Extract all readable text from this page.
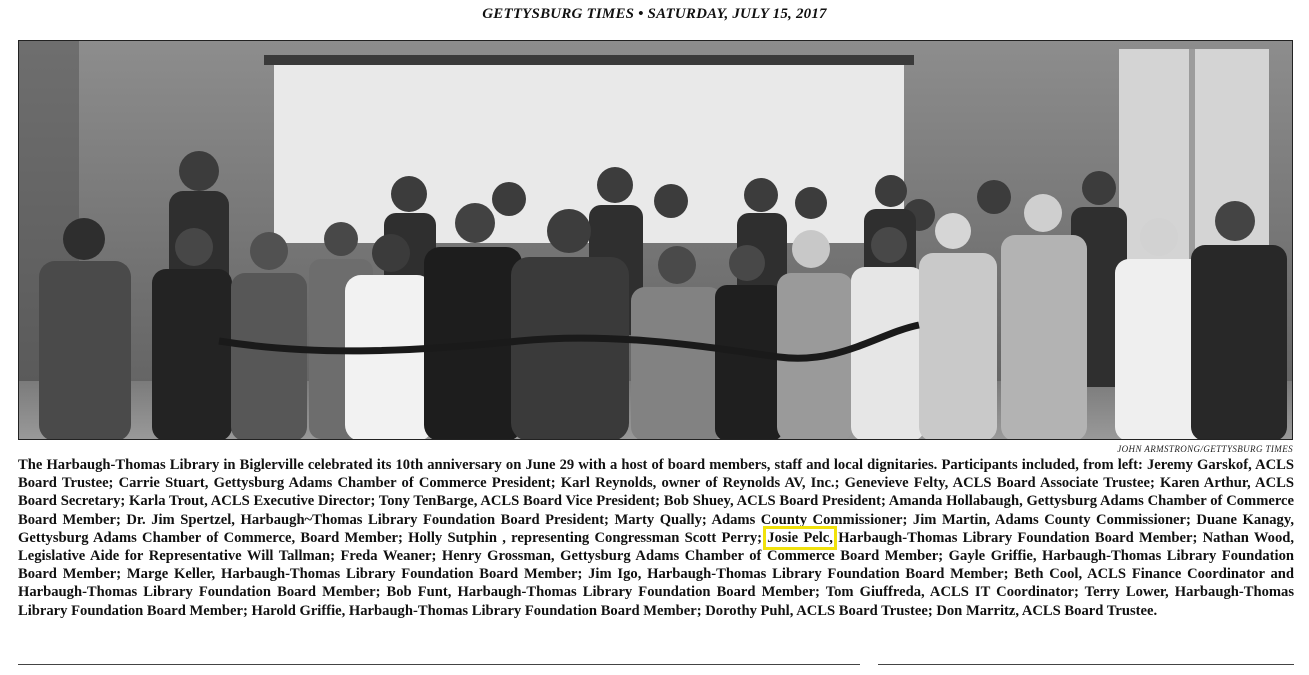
GETTYSBURG TIMES • SATURDAY, JULY 15, 2017
JOHN ARMSTRONG/GETTYSBURG TIMES
The Harbaugh-Thomas Library in Biglerville celebrated its 10th anniversary on June 29 with a host of board members, staff and local dignitaries. Participants included, from left: Jeremy Garskof, ACLS Board Trustee; Carrie Stuart, Gettysburg Adams Chamber of Commerce President; Karl Reynolds, owner of Reynolds AV, Inc.; Genevieve Felty, ACLS Board Associate Trustee; Karen Arthur, ACLS Board Secretary; Karla Trout, ACLS Executive Director; Tony TenBarge, ACLS Board Vice President; Bob Shuey, ACLS Board President; Amanda Hollabaugh, Gettysburg Adams Chamber of Commerce Board Member; Dr. Jim Spertzel, Harbaugh~Thomas Library Foundation Board President; Marty Qually; Adams County Commissioner; Jim Martin, Adams County Commissioner; Duane Kanagy, Gettysburg Adams Chamber of Commerce, Board Member; Holly Sutphin , representing Congressman Scott Perry; Josie Pelc, Harbaugh-Thomas Library Foundation Board Member; Nathan Wood, Legislative Aide for Representative Will Tallman; Freda Weaner; Henry Grossman, Gettysburg Adams Chamber of Commerce Board Member; Gayle Griffie, Harbaugh-Thomas Library Foundation Board Member; Marge Keller, Harbaugh-Thomas Library Foundation Board Member; Jim Igo, Harbaugh-Thomas Library Foundation Board Member; Beth Cool, ACLS Finance Coordinator and Harbaugh-Thomas Library Foundation Board Member; Bob Funt, Harbaugh-Thomas Library Foundation Board Member; Tom Giuffreda, ACLS IT Coordinator; Terry Lower, Harbaugh-Thomas Library Foundation Board Member; Harold Griffie, Harbaugh-Thomas Library Foundation Board Member; Dorothy Puhl, ACLS Board Trustee; Don Marritz, ACLS Board Trustee.
